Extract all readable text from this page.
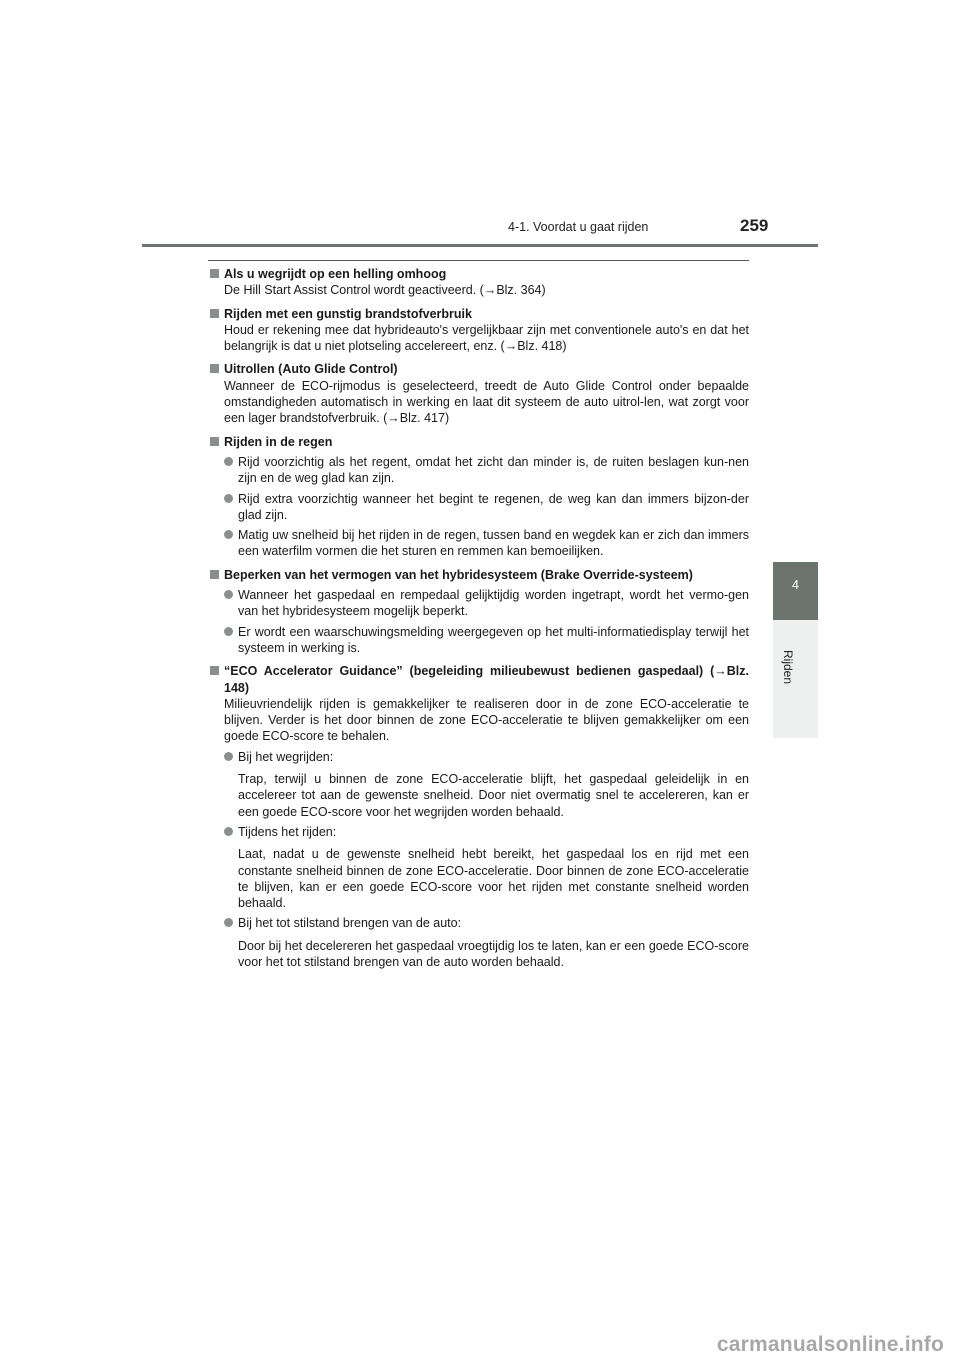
4-1. Voordat u gaat rijden	259
4
Rijden

Als u wegrijdt op een helling omhoog

De Hill Start Assist Control wordt geactiveerd. (→Blz. 364)

Rijden met een gunstig brandstofverbruik

Houd er rekening mee dat hybrideauto's vergelijkbaar zijn met conventionele auto's en dat het belangrijk is dat u niet plotseling accelereert, enz. (→Blz. 418)

Uitrollen (Auto Glide Control)

Wanneer de ECO-rijmodus is geselecteerd, treedt de Auto Glide Control onder bepaalde omstandigheden automatisch in werking en laat dit systeem de auto uitrol-len, wat zorgt voor een lager brandstofverbruik. (→Blz. 417)

Rijden in de regen

Rijd voorzichtig als het regent, omdat het zicht dan minder is, de ruiten beslagen kun-nen zijn en de weg glad kan zijn.

Rijd extra voorzichtig wanneer het begint te regenen, de weg kan dan immers bijzon-der glad zijn.

Matig uw snelheid bij het rijden in de regen, tussen band en wegdek kan er zich dan immers een waterfilm vormen die het sturen en remmen kan bemoeilijken.

Beperken van het vermogen van het hybridesysteem (Brake Override-systeem)

Wanneer het gaspedaal en rempedaal gelijktijdig worden ingetrapt, wordt het vermo-gen van het hybridesysteem mogelijk beperkt.

Er wordt een waarschuwingsmelding weergegeven op het multi-informatiedisplay terwijl het systeem in werking is.

“ECO Accelerator Guidance” (begeleiding milieubewust bedienen gaspedaal) (→Blz. 148)

Milieuvriendelijk rijden is gemakkelijker te realiseren door in de zone ECO-acceleratie te blijven. Verder is het door binnen de zone ECO-acceleratie te blijven gemakkelijker om een goede ECO-score te behalen.

Bij het wegrijden:

Trap, terwijl u binnen de zone ECO-acceleratie blijft, het gaspedaal geleidelijk in en accelereer tot aan de gewenste snelheid. Door niet overmatig snel te accelereren, kan er een goede ECO-score voor het wegrijden worden behaald.

Tijdens het rijden:

Laat, nadat u de gewenste snelheid hebt bereikt, het gaspedaal los en rijd met een constante snelheid binnen de zone ECO-acceleratie. Door binnen de zone ECO-acceleratie te blijven, kan er een goede ECO-score voor het rijden met constante snelheid worden behaald.

Bij het tot stilstand brengen van de auto:

Door bij het decelereren het gaspedaal vroegtijdig los te laten, kan er een goede ECO-score voor het tot stilstand brengen van de auto worden behaald.

carmanualsonline.info
